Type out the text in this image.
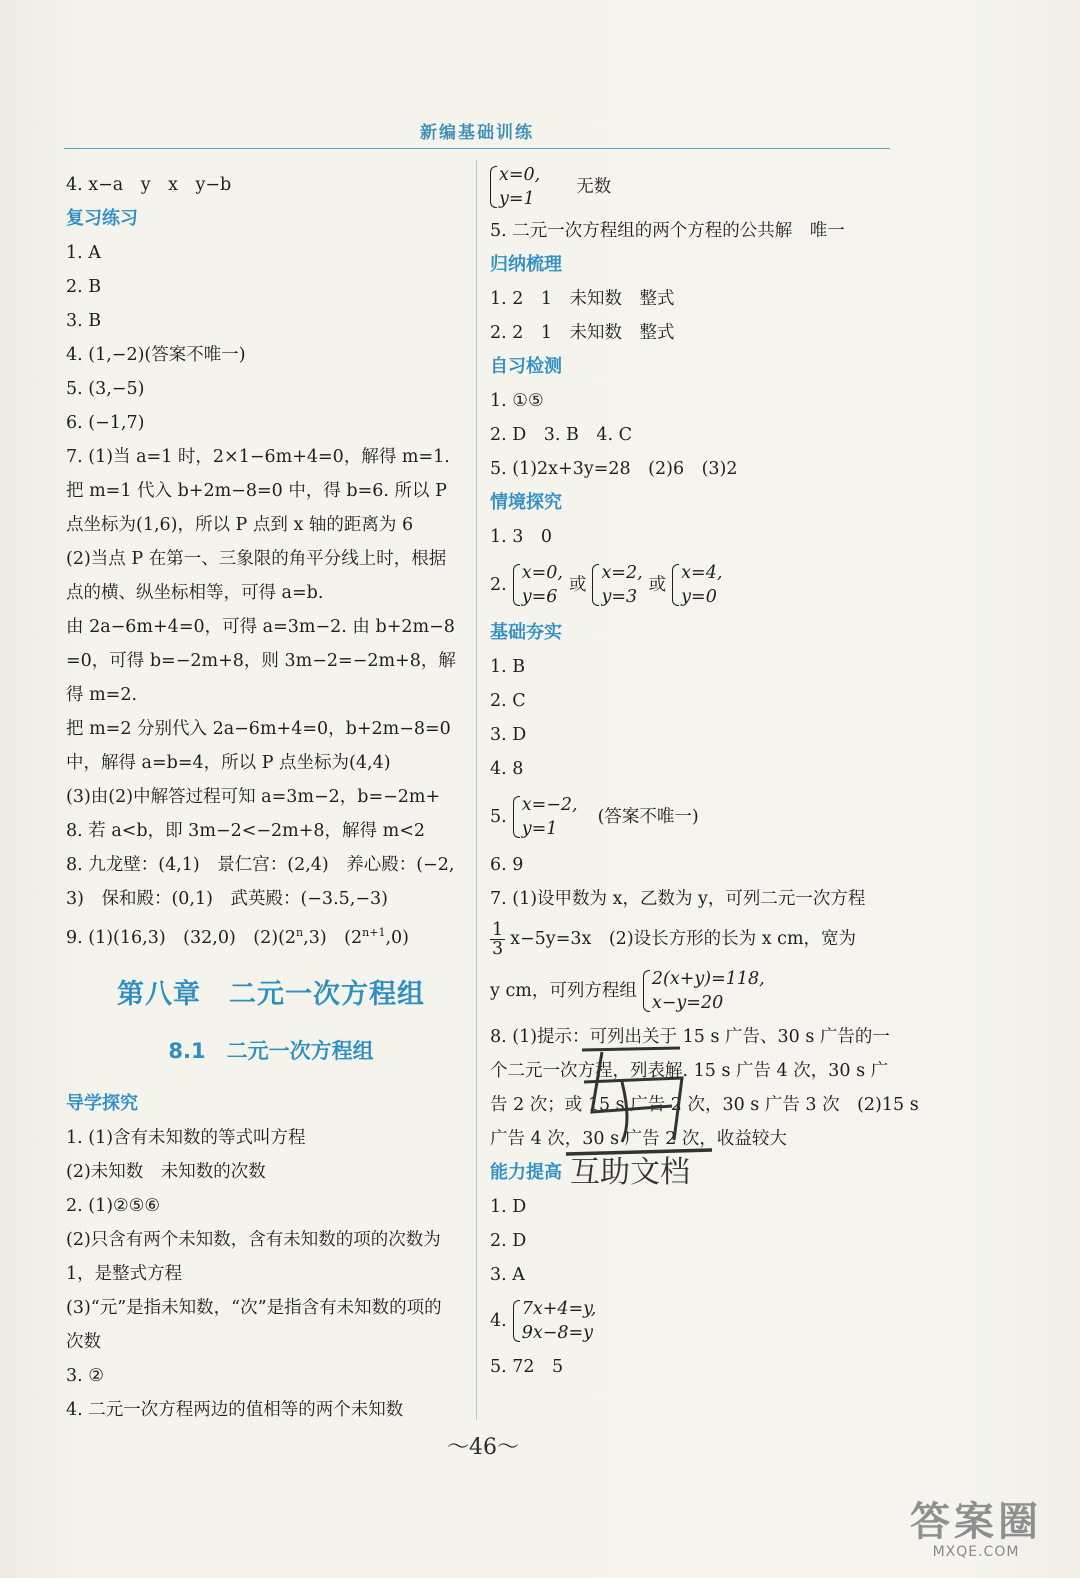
新编基础训练
4. x−a　y　x　y−b
复习练习
1. A
2. B
3. B
4. (1,−2)(答案不唯一)
5. (3,−5)
6. (−1,7)
7. (1)当 a=1 时，2×1−6m+4=0，解得 m=1.
把 m=1 代入 b+2m−8=0 中，得 b=6. 所以 P
点坐标为(1,6)，所以 P 点到 x 轴的距离为 6
(2)当点 P 在第一、三象限的角平分线上时，根据
点的横、纵坐标相等，可得 a=b.
由 2a−6m+4=0，可得 a=3m−2. 由 b+2m−8
=0，可得 b=−2m+8，则 3m−2=−2m+8，解
得 m=2.
把 m=2 分别代入 2a−6m+4=0，b+2m−8=0
中，解得 a=b=4，所以 P 点坐标为(4,4)
(3)由(2)中解答过程可知 a=3m−2，b=−2m+
8. 若 a<b，即 3m−2<−2m+8，解得 m<2
8. 九龙壁：(4,1)　景仁宫：(2,4)　养心殿：(−2,
3)　保和殿：(0,1)　武英殿：(−3.5,−3)
9. (1)(16,3)　(32,0)　(2)(2$^n$,3)　$(2^{n+1},0)$
第八章　二元一次方程组
8.1　二元一次方程组
导学探究
1. (1)含有未知数的等式叫方程
(2)未知数　未知数的次数
2. (1)②⑤⑥
(2)只含有两个未知数，含有未知数的项的次数为
1，是整式方程
(3)“元”是指未知数，“次”是指含有未知数的项的
次数
3. ②
4. 二元一次方程两边的值相等的两个未知数
x=0,
y=1
无数
5. 二元一次方程组的两个方程的公共解　唯一
归纳梳理
1. 2　1　未知数　整式
2. 2　1　未知数　整式
自习检测
1. ①⑤
2. D　3. B　4. C
5. (1)2x+3y=28　(2)6　(3)2
情境探究
1. 3　0
2.
x=0,
y=6
或
x=2,
y=3
或
x=4,
y=0
基础夯实
1. B
2. C
3. D
4. 8
5.
x=−2,
y=1
(答案不唯一)
6. 9
7. (1)设甲数为 x，乙数为 y，可列二元一次方程
$\frac{1}{3} x-5y=3x$　(2)设长方形的长为 x cm，宽为
y cm，可列方程组
2(x+y)=118,
x−y=20
8. (1)提示：可列出关于 15 s 广告、30 s 广告的一
个二元一次方程，列表解. 15 s 广告 4 次，30 s 广
告 2 次；或 15 s 广告 2 次，30 s 广告 3 次　(2)15 s
广告 4 次，30 s 广告 2 次，收益较大
能力提高
1. D
2. D
3. A
4.
7x+4=y,
9x−8=y
5. 72　5
互助文档
～46～
答案圈
MXQE.COM
